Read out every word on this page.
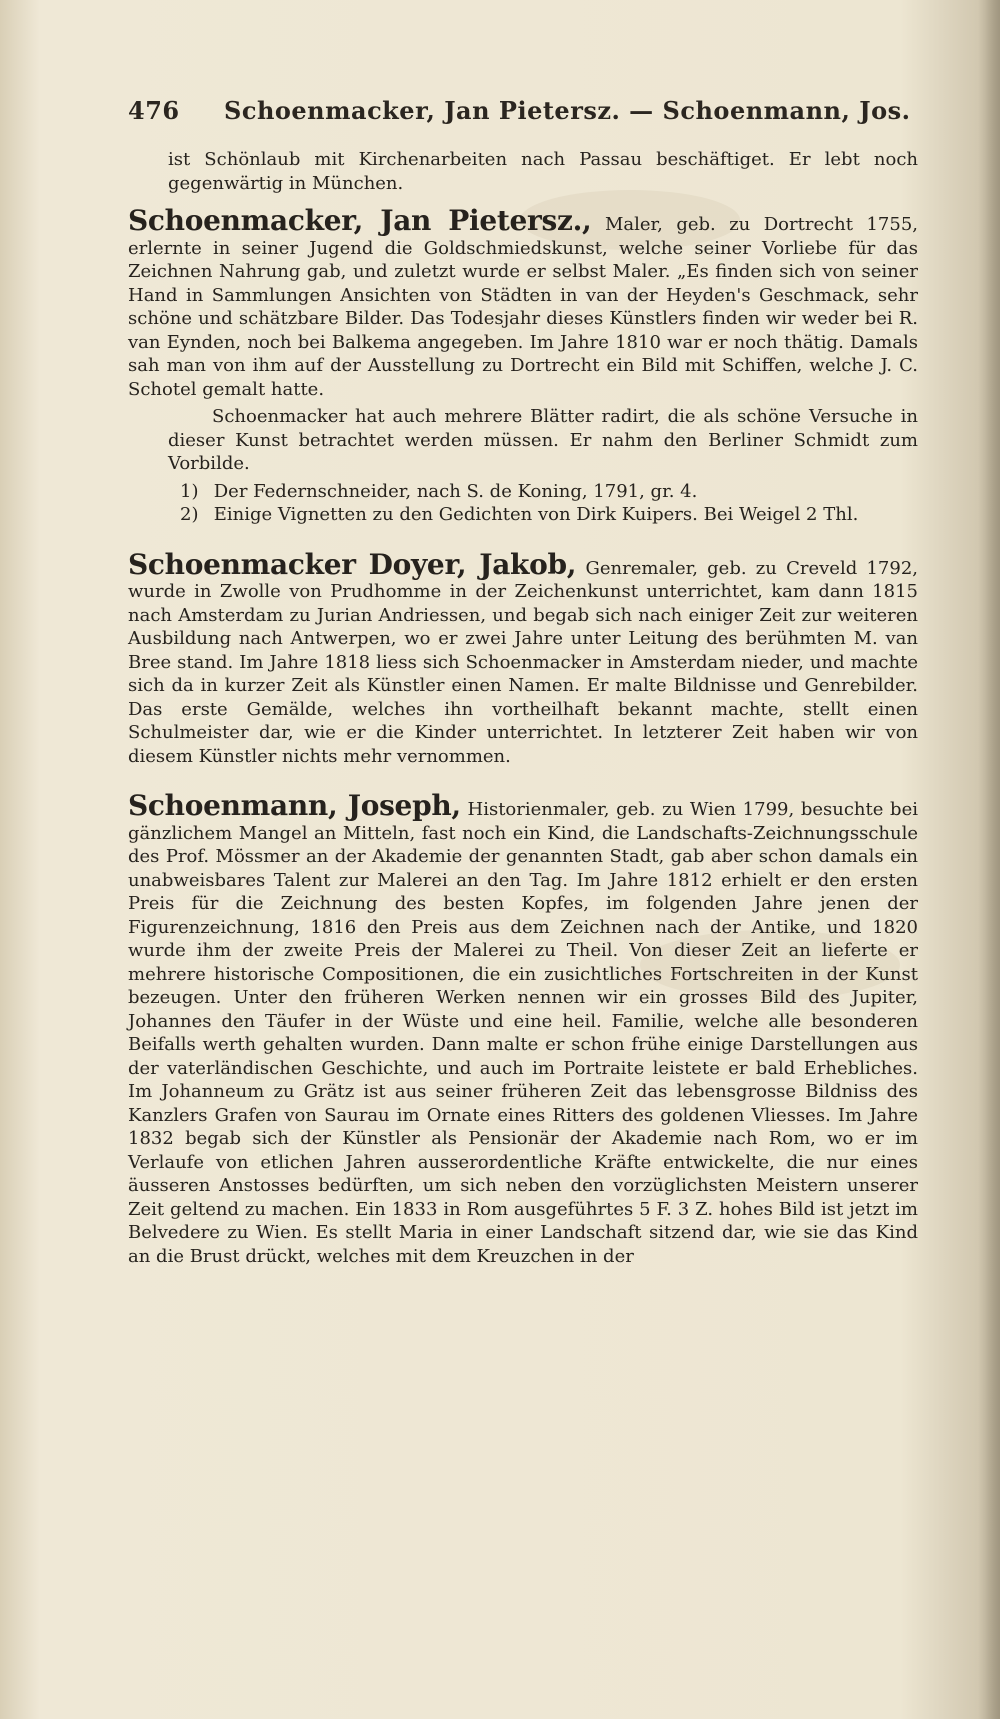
476 Schoenmacker, Jan Pietersz. — Schoenmann, Jos.

ist Schönlaub mit Kirchenarbeiten nach Passau beschäftiget. Er lebt noch gegenwärtig in München.

Schoenmacker, Jan Pietersz., Maler, geb. zu Dortrecht 1755, erlernte in seiner Jugend die Goldschmiedskunst, welche seiner Vorliebe für das Zeichnen Nahrung gab, und zuletzt wurde er selbst Maler. „Es finden sich von seiner Hand in Sammlungen Ansichten von Städten in van der Heyden's Geschmack, sehr schöne und schätzbare Bilder. Das Todesjahr dieses Künstlers finden wir weder bei R. van Eynden, noch bei Balkema angegeben. Im Jahre 1810 war er noch thätig. Damals sah man von ihm auf der Ausstellung zu Dortrecht ein Bild mit Schiffen, welche J. C. Schotel gemalt hatte.

Schoenmacker hat auch mehrere Blätter radirt, die als schöne Versuche in dieser Kunst betrachtet werden müssen. Er nahm den Berliner Schmidt zum Vorbilde.

1) Der Federnschneider, nach S. de Koning, 1791, gr. 4.
2) Einige Vignetten zu den Gedichten von Dirk Kuipers. Bei Weigel 2 Thl.

Schoenmacker Doyer, Jakob, Genremaler, geb. zu Creveld 1792, wurde in Zwolle von Prudhomme in der Zeichenkunst unterrichtet, kam dann 1815 nach Amsterdam zu Jurian Andriessen, und begab sich nach einiger Zeit zur weiteren Ausbildung nach Antwerpen, wo er zwei Jahre unter Leitung des berühmten M. van Bree stand. Im Jahre 1818 liess sich Schoenmacker in Amsterdam nieder, und machte sich da in kurzer Zeit als Künstler einen Namen. Er malte Bildnisse und Genrebilder. Das erste Gemälde, welches ihn vortheilhaft bekannt machte, stellt einen Schulmeister dar, wie er die Kinder unterrichtet. In letzterer Zeit haben wir von diesem Künstler nichts mehr vernommen.

Schoenmann, Joseph, Historienmaler, geb. zu Wien 1799, besuchte bei gänzlichem Mangel an Mitteln, fast noch ein Kind, die Landschafts-Zeichnungsschule des Prof. Mössmer an der Akademie der genannten Stadt, gab aber schon damals ein unabweisbares Talent zur Malerei an den Tag. Im Jahre 1812 erhielt er den ersten Preis für die Zeichnung des besten Kopfes, im folgenden Jahre jenen der Figurenzeichnung, 1816 den Preis aus dem Zeichnen nach der Antike, und 1820 wurde ihm der zweite Preis der Malerei zu Theil. Von dieser Zeit an lieferte er mehrere historische Compositionen, die ein zusichtliches Fortschreiten in der Kunst bezeugen. Unter den früheren Werken nennen wir ein grosses Bild des Jupiter, Johannes den Täufer in der Wüste und eine heil. Familie, welche alle besonderen Beifalls werth gehalten wurden. Dann malte er schon frühe einige Darstellungen aus der vaterländischen Geschichte, und auch im Portraite leistete er bald Erhebliches. Im Johanneum zu Grätz ist aus seiner früheren Zeit das lebensgrosse Bildniss des Kanzlers Grafen von Saurau im Ornate eines Ritters des goldenen Vliesses. Im Jahre 1832 begab sich der Künstler als Pensionär der Akademie nach Rom, wo er im Verlaufe von etlichen Jahren ausserordentliche Kräfte entwickelte, die nur eines äusseren Anstosses bedürften, um sich neben den vorzüglichsten Meistern unserer Zeit geltend zu machen. Ein 1833 in Rom ausgeführtes 5 F. 3 Z. hohes Bild ist jetzt im Belvedere zu Wien. Es stellt Maria in einer Landschaft sitzend dar, wie sie das Kind an die Brust drückt, welches mit dem Kreuzchen in der
